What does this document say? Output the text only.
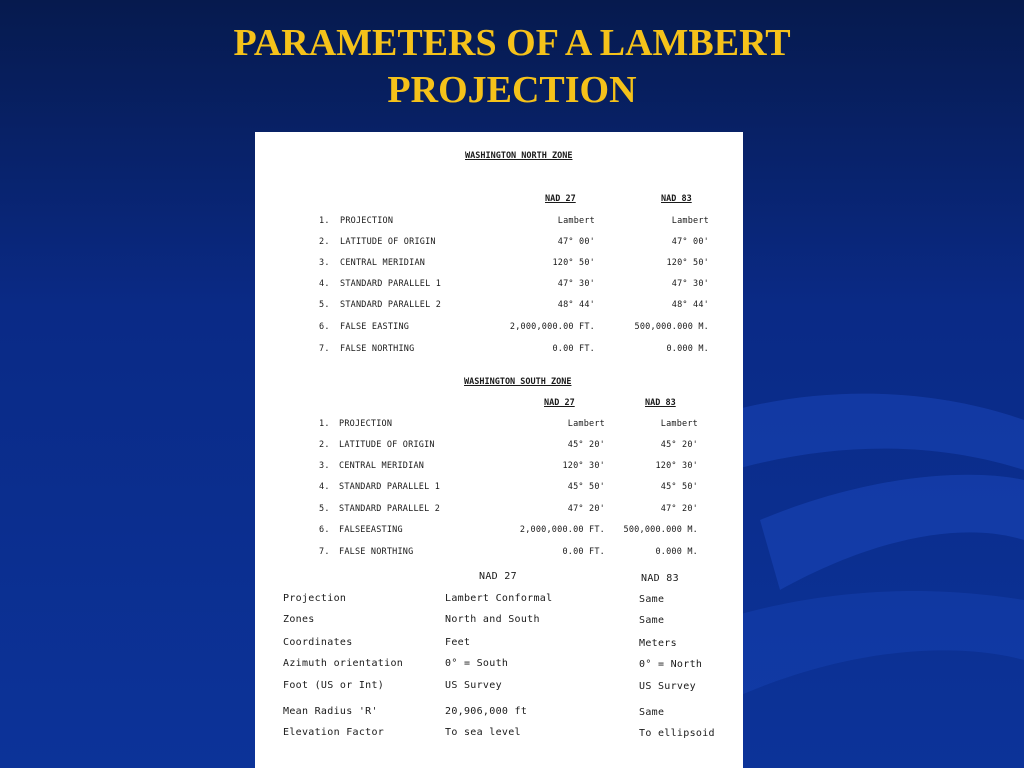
PARAMETERS OF A LAMBERT
PROJECTION
WASHINGTON NORTH ZONE
NAD 27	NAD 83
1. PROJECTION	Lambert	Lambert
2. LATITUDE OF ORIGIN	47° 00'	47° 00'
3. CENTRAL MERIDIAN	120° 50'	120° 50'
4. STANDARD PARALLEL 1	47° 30'	47° 30'
5. STANDARD PARALLEL 2	48° 44'	48° 44'
6. FALSE EASTING	2,000,000.00 FT.	500,000.000 M.
7. FALSE NORTHING	0.00 FT.	0.000 M.
WASHINGTON SOUTH ZONE
NAD 27	NAD 83
1. PROJECTION	Lambert	Lambert
2. LATITUDE OF ORIGIN	45° 20'	45° 20'
3. CENTRAL MERIDIAN	120° 30'	120° 30'
4. STANDARD PARALLEL 1	45° 50'	45° 50'
5. STANDARD PARALLEL 2	47° 20'	47° 20'
6. FALSEEASTING	2,000,000.00 FT. 500,000.000 M.
7. FALSE NORTHING	0.00 FT.	0.000 M.
NAD 27	NAD 83
Projection	Lambert Conformal	Same
Zones	North and South	Same
Coordinates	Feet	Meters
Azimuth orientation	0° = South	0° = North
Foot (US or Int)	US Survey	US Survey
Mean Radius 'R'	20,906,000 ft	Same
Elevation Factor	To sea level	To ellipsoid
